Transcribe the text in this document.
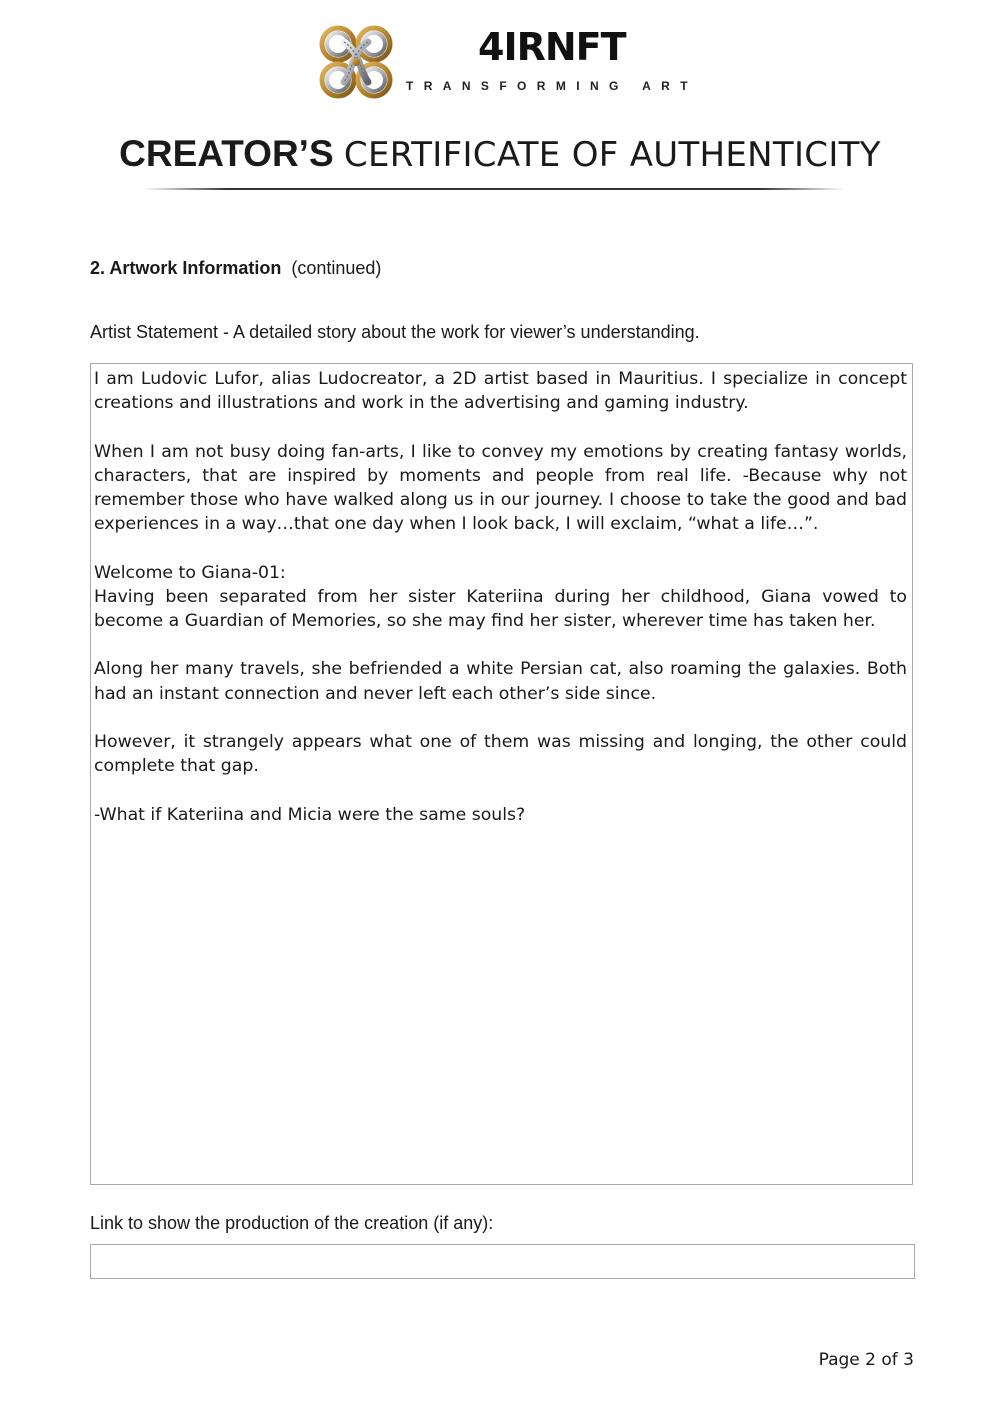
4IRNFT
TRANSFORMING ART
CREATOR’S CERTIFICATE OF AUTHENTICITY
2. Artwork Information (continued)
Artist Statement - A detailed story about the work for viewer’s understanding.

I am Ludovic Lufor, alias Ludocreator, a 2D artist based in Mauritius. I specialize in concept creations and illustrations and work in the advertising and gaming industry.

When I am not busy doing fan-arts, I like to convey my emotions by creating fantasy worlds, characters, that are inspired by moments and people from real life. -Because why not remember those who have walked along us in our journey. I choose to take the good and bad experiences in a way…that one day when I look back, I will exclaim, “what a life…”.

Welcome to Giana-01:

Having been separated from her sister Kateriina during her childhood, Giana vowed to become a Guardian of Memories, so she may find her sister, wherever time has taken her.

Along her many travels, she befriended a white Persian cat, also roaming the galaxies. Both had an instant connection and never left each other’s side since.

However, it strangely appears what one of them was missing and longing, the other could complete that gap.

-What if Kateriina and Micia were the same souls?

Link to show the production of the creation (if any):
Page 2 of 3
